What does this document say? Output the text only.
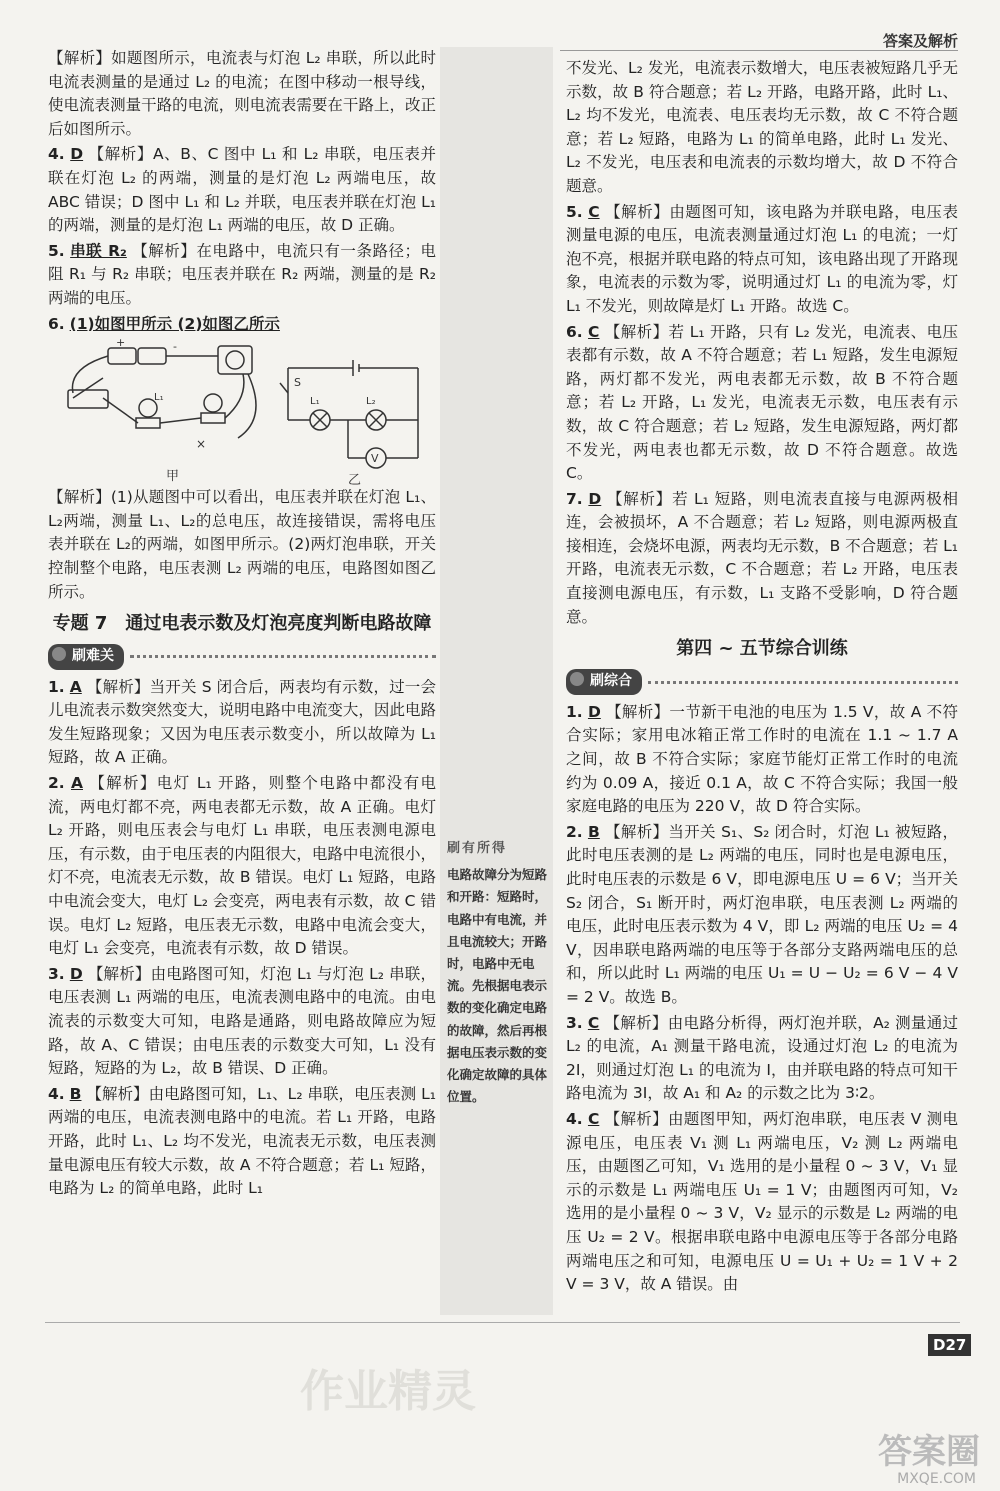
答案及解析

【解析】如题图所示，电流表与灯泡 L₂ 串联，所以此时电流表测量的是通过 L₂ 的电流；在图中移动一根导线，使电流表测量干路的电流，则电流表需要在干路上，改正后如图所示。

4. D 【解析】A、B、C 图中 L₁ 和 L₂ 串联，电压表并联在灯泡 L₂ 的两端，测量的是灯泡 L₂ 两端电压，故 ABC 错误；D 图中 L₁ 和 L₂ 并联，电压表并联在灯泡 L₁ 的两端，测量的是灯泡 L₁ 两端的电压，故 D 正确。

5. 串联 R₂ 【解析】在电路中，电流只有一条路径；电阻 R₁ 与 R₂ 串联；电压表并联在 R₂ 两端，测量的是 R₂ 两端的电压。

6. (1)如图甲所示 (2)如图乙所示

+	-
L₁
×
甲
S
L₁	L₂
V
乙

【解析】(1)从题图中可以看出，电压表并联在灯泡 L₁、L₂两端，测量 L₁、L₂的总电压，故连接错误，需将电压表并联在 L₂的两端，如图甲所示。(2)两灯泡串联，开关控制整个电路，电压表测 L₂ 两端的电压，电路图如图乙所示。

专题 7　通过电表示数及灯泡亮度判断电路故障
刷难关

1. A 【解析】当开关 S 闭合后，两表均有示数，过一会儿电流表示数突然变大，说明电路中电流变大，因此电路发生短路现象；又因为电压表示数变小，所以故障为 L₁ 短路，故 A 正确。

2. A 【解析】电灯 L₁ 开路，则整个电路中都没有电流，两电灯都不亮，两电表都无示数，故 A 正确。电灯 L₂ 开路，则电压表会与电灯 L₁ 串联，电压表测电源电压，有示数，由于电压表的内阻很大，电路中电流很小，灯不亮，电流表无示数，故 B 错误。电灯 L₁ 短路，电路中电流会变大，电灯 L₂ 会变亮，两电表有示数，故 C 错误。电灯 L₂ 短路，电压表无示数，电路中电流会变大，电灯 L₁ 会变亮，电流表有示数，故 D 错误。

3. D 【解析】由电路图可知，灯泡 L₁ 与灯泡 L₂ 串联，电压表测 L₁ 两端的电压，电流表测电路中的电流。由电流表的示数变大可知，电路是通路，则电路故障应为短路，故 A、C 错误；由电压表的示数变大可知，L₁ 没有短路，短路的为 L₂，故 B 错误、D 正确。

4. B 【解析】由电路图可知，L₁、L₂ 串联，电压表测 L₁ 两端的电压，电流表测电路中的电流。若 L₁ 开路，电路开路，此时 L₁、L₂ 均不发光，电流表无示数，电压表测量电源电压有较大示数，故 A 不符合题意；若 L₁ 短路，电路为 L₂ 的简单电路，此时 L₁

刷有所得
电路故障分为短路和开路：短路时，电路中有电流，并且电流较大；开路时，电路中无电流。先根据电表示数的变化确定电路的故障，然后再根据电压表示数的变化确定故障的具体位置。

不发光、L₂ 发光，电流表示数增大，电压表被短路几乎无示数，故 B 符合题意；若 L₂ 开路，电路开路，此时 L₁、L₂ 均不发光，电流表、电压表均无示数，故 C 不符合题意；若 L₂ 短路，电路为 L₁ 的简单电路，此时 L₁ 发光、L₂ 不发光，电压表和电流表的示数均增大，故 D 不符合题意。

5. C 【解析】由题图可知，该电路为并联电路，电压表测量电源的电压，电流表测量通过灯泡 L₁ 的电流；一灯泡不亮，根据并联电路的特点可知，该电路出现了开路现象，电流表的示数为零，说明通过灯 L₁ 的电流为零，灯 L₁ 不发光，则故障是灯 L₁ 开路。故选 C。

6. C 【解析】若 L₁ 开路，只有 L₂ 发光，电流表、电压表都有示数，故 A 不符合题意；若 L₁ 短路，发生电源短路，两灯都不发光，两电表都无示数，故 B 不符合题意；若 L₂ 开路，L₁ 发光，电流表无示数，电压表有示数，故 C 符合题意；若 L₂ 短路，发生电源短路，两灯都不发光，两电表也都无示数，故 D 不符合题意。故选 C。

7. D 【解析】若 L₁ 短路，则电流表直接与电源两极相连，会被损坏，A 不合题意；若 L₂ 短路，则电源两极直接相连，会烧坏电源，两表均无示数，B 不合题意；若 L₁ 开路，电流表无示数，C 不合题意；若 L₂ 开路，电压表直接测电源电压，有示数，L₁ 支路不受影响，D 符合题意。

第四 ~ 五节综合训练
刷综合

1. D 【解析】一节新干电池的电压为 1.5 V，故 A 不符合实际；家用电冰箱正常工作时的电流在 1.1 ~ 1.7 A 之间，故 B 不符合实际；家庭节能灯正常工作时的电流约为 0.09 A，接近 0.1 A，故 C 不符合实际；我国一般家庭电路的电压为 220 V，故 D 符合实际。

2. B 【解析】当开关 S₁、S₂ 闭合时，灯泡 L₁ 被短路，此时电压表测的是 L₂ 两端的电压，同时也是电源电压，此时电压表的示数是 6 V，即电源电压 U = 6 V；当开关 S₂ 闭合，S₁ 断开时，两灯泡串联，电压表测 L₂ 两端的电压，此时电压表示数为 4 V，即 L₂ 两端的电压 U₂ = 4 V，因串联电路两端的电压等于各部分支路两端电压的总和，所以此时 L₁ 两端的电压 U₁ = U − U₂ = 6 V − 4 V = 2 V。故选 B。

3. C 【解析】由电路分析得，两灯泡并联，A₂ 测量通过 L₂ 的电流，A₁ 测量干路电流，设通过灯泡 L₂ 的电流为 2I，则通过灯泡 L₁ 的电流为 I，由并联电路的特点可知干路电流为 3I，故 A₁ 和 A₂ 的示数之比为 3∶2。

4. C 【解析】由题图甲知，两灯泡串联，电压表 V 测电源电压，电压表 V₁ 测 L₁ 两端电压，V₂ 测 L₂ 两端电压，由题图乙可知，V₁ 选用的是小量程 0 ~ 3 V，V₁ 显示的示数是 L₁ 两端电压 U₁ = 1 V；由题图丙可知，V₂ 选用的是小量程 0 ~ 3 V，V₂ 显示的示数是 L₂ 两端的电压 U₂ = 2 V。根据串联电路中电源电压等于各部分电路两端电压之和可知，电源电压 U = U₁ + U₂ = 1 V + 2 V = 3 V，故 A 错误。由

D27
作业精灵
答案圈
MXQE.COM
